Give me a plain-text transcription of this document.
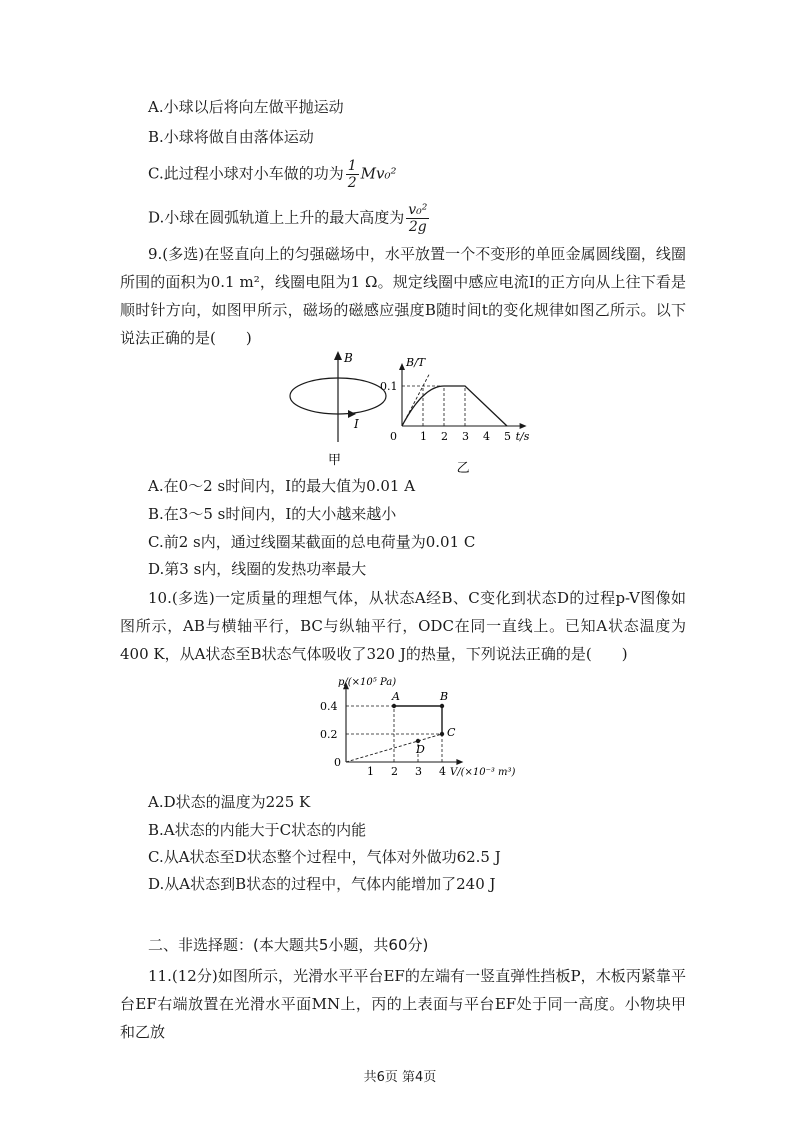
A.小球以后将向左做平抛运动
B.小球将做自由落体运动
C.此过程小球对小车做的功为 $\frac{1}{2} Mv_0^2$
D.小球在圆弧轨道上上升的最大高度为 $\frac{\text{v₀²}}{2g}$
9.(多选)在竖直向上的匀强磁场中，水平放置一个不变形的单匝金属圆线圈，线圈所围的面积为0.1 m²，线圈电阻为1 Ω。规定线圈中感应电流I的正方向从上往下看是顺时针方向，如图甲所示，磁场的磁感应强度B随时间t的变化规律如图乙所示。以下说法正确的是(　　)
B
I
甲
B/T
t/s
0 1 2 3 4 5
0.1
乙
A.在0～2 s时间内，I的最大值为0.01 A
B.在3～5 s时间内，I的大小越来越小
C.前2 s内，通过线圈某截面的总电荷量为0.01 C
D.第3 s内，线圈的发热功率最大
10.(多选)一定质量的理想气体，从状态A经B、C变化到状态D的过程p-V图像如图所示，AB与横轴平行，BC与纵轴平行，ODC在同一直线上。已知A状态温度为400 K，从A状态至B状态气体吸收了320 J的热量，下列说法正确的是(　　)
p/(×10⁵ Pa)
V/(×10⁻³ m³)
0
1 2 3 4
0.2
0.4
A	B
C
D
A.D状态的温度为225 K
B.A状态的内能大于C状态的内能
C.从A状态至D状态整个过程中，气体对外做功62.5 J
D.从A状态到B状态的过程中，气体内能增加了240 J
二、非选择题：(本大题共5小题，共60分)
11.(12分)如图所示，光滑水平平台EF的左端有一竖直弹性挡板P，木板丙紧靠平台EF右端放置在光滑水平面MN上，丙的上表面与平台EF处于同一高度。小物块甲和乙放
共6页 第4页
